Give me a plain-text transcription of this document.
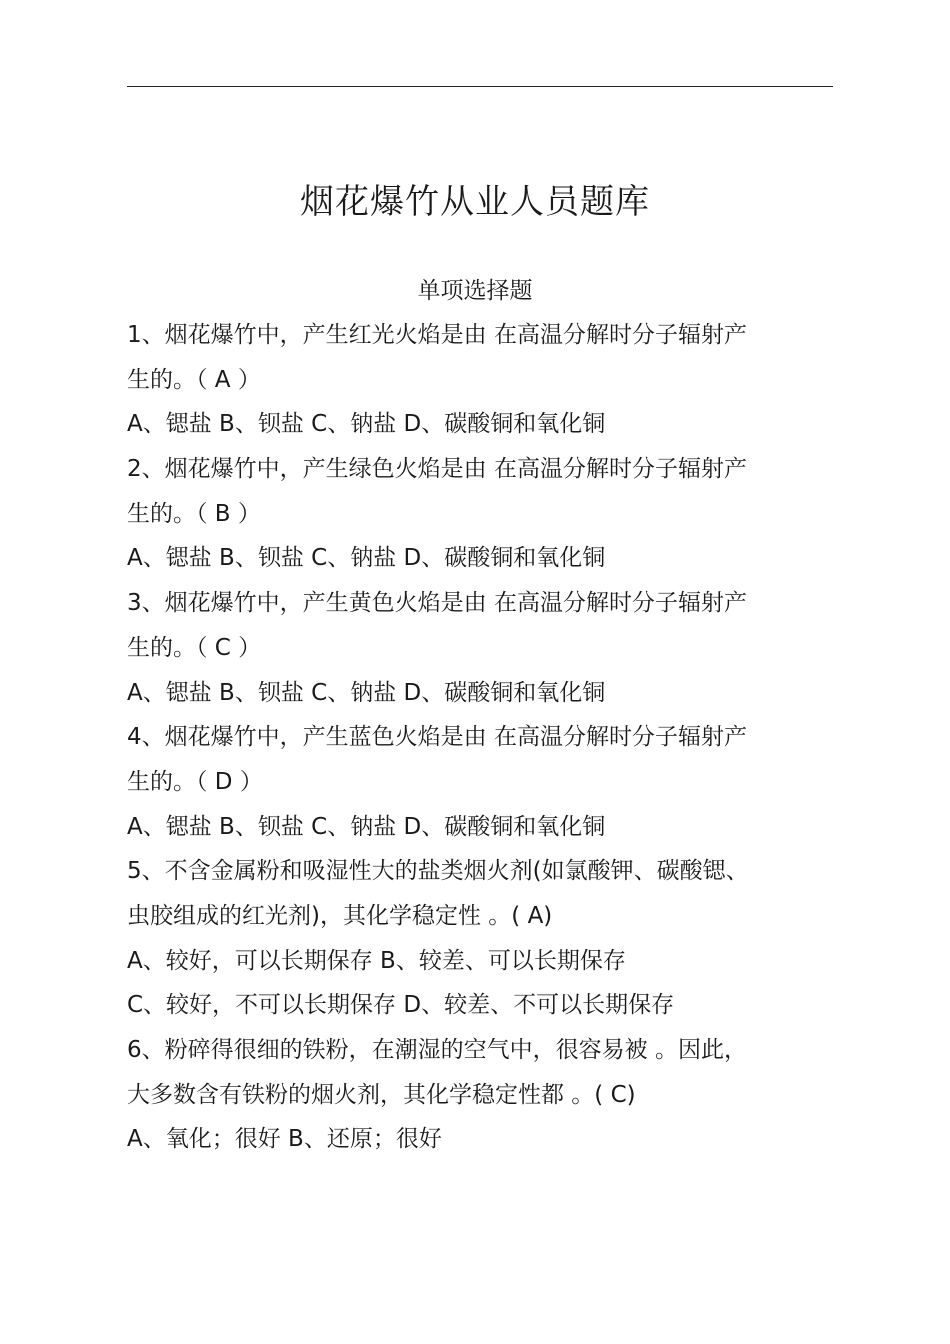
烟花爆竹从业人员题库
单项选择题
1、烟花爆竹中，产生红光火焰是由 在高温分解时分子辐射产
生的。（ A ）
A、锶盐 B、钡盐 C、钠盐 D、碳酸铜和氧化铜
2、烟花爆竹中，产生绿色火焰是由 在高温分解时分子辐射产
生的。（ B ）
A、锶盐 B、钡盐 C、钠盐 D、碳酸铜和氧化铜
3、烟花爆竹中，产生黄色火焰是由 在高温分解时分子辐射产
生的。（ C ）
A、锶盐 B、钡盐 C、钠盐 D、碳酸铜和氧化铜
4、烟花爆竹中，产生蓝色火焰是由 在高温分解时分子辐射产
生的。（ D ）
A、锶盐 B、钡盐 C、钠盐 D、碳酸铜和氧化铜
5、不含金属粉和吸湿性大的盐类烟火剂(如氯酸钾、碳酸锶、
虫胶组成的红光剂)，其化学稳定性 。( A)
A、较好，可以长期保存 B、较差、可以长期保存
C、较好，不可以长期保存 D、较差、不可以长期保存
6、粉碎得很细的铁粉，在潮湿的空气中，很容易被 。因此，
大多数含有铁粉的烟火剂，其化学稳定性都 。( C)
A、氧化；很好 B、还原；很好
